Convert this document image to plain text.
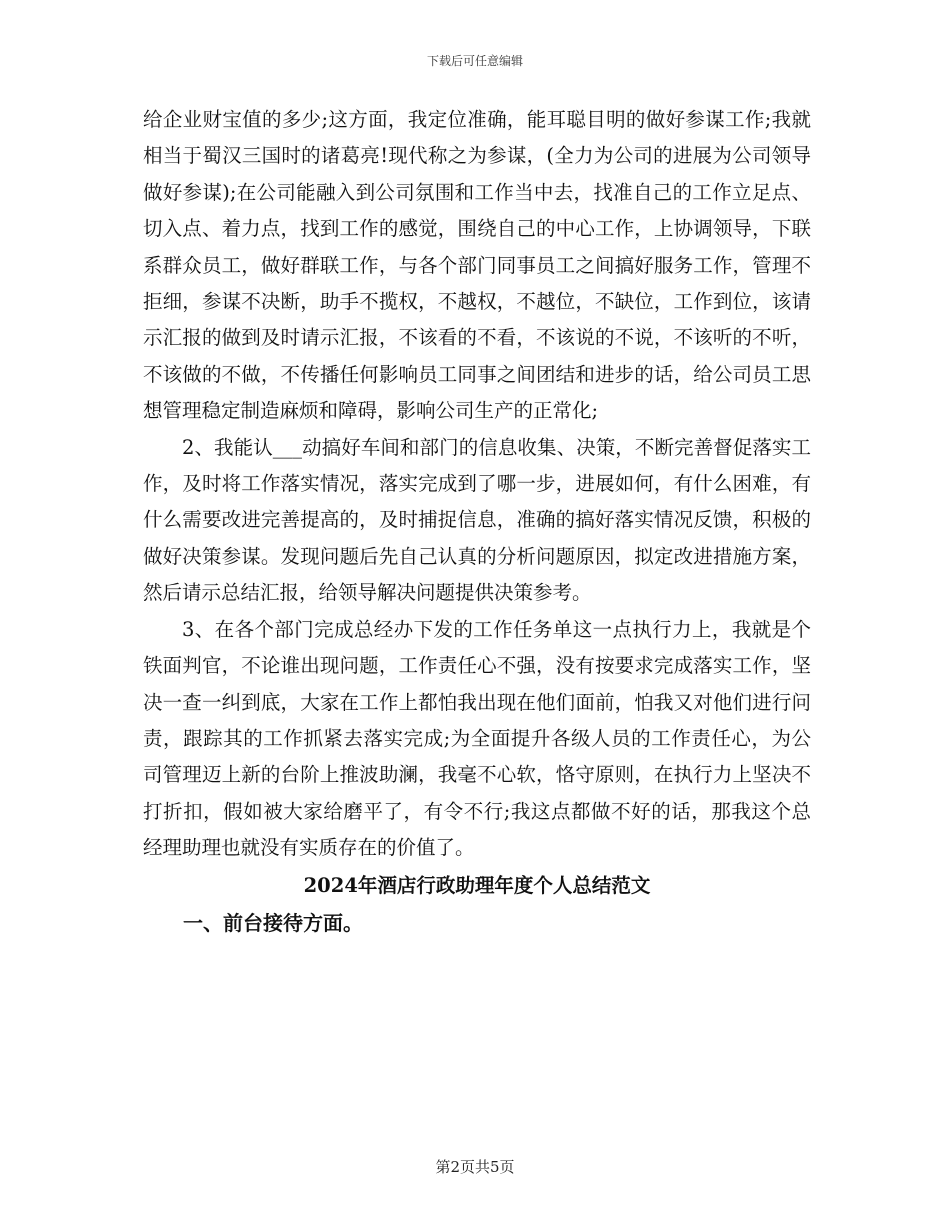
下载后可任意编辑

给企业财宝值的多少;这方面，我定位准确，能耳聪目明的做好参谋工作;我就相当于蜀汉三国时的诸葛亮!现代称之为参谋，(全力为公司的进展为公司领导做好参谋);在公司能融入到公司氛围和工作当中去，找准自己的工作立足点、切入点、着力点，找到工作的感觉，围绕自己的中心工作，上协调领导，下联系群众员工，做好群联工作，与各个部门同事员工之间搞好服务工作，管理不拒细，参谋不决断，助手不揽权，不越权，不越位，不缺位，工作到位，该请示汇报的做到及时请示汇报，不该看的不看，不该说的不说，不该听的不听，不该做的不做，不传播任何影响员工同事之间团结和进步的话，给公司员工思想管理稳定制造麻烦和障碍，影响公司生产的正常化;

2、我能认___动搞好车间和部门的信息收集、决策，不断完善督促落实工作，及时将工作落实情况，落实完成到了哪一步，进展如何，有什么困难，有什么需要改进完善提高的，及时捕捉信息，准确的搞好落实情况反馈，积极的做好决策参谋。发现问题后先自己认真的分析问题原因，拟定改进措施方案，然后请示总结汇报，给领导解决问题提供决策参考。

3、在各个部门完成总经办下发的工作任务单这一点执行力上，我就是个铁面判官，不论谁出现问题，工作责任心不强，没有按要求完成落实工作，坚决一查一纠到底，大家在工作上都怕我出现在他们面前，怕我又对他们进行问责，跟踪其的工作抓紧去落实完成;为全面提升各级人员的工作责任心，为公司管理迈上新的台阶上推波助澜，我毫不心软，恪守原则，在执行力上坚决不打折扣，假如被大家给磨平了，有令不行;我这点都做不好的话，那我这个总经理助理也就没有实质存在的价值了。

2024年酒店行政助理年度个人总结范文
一、前台接待方面。
第2页共5页
